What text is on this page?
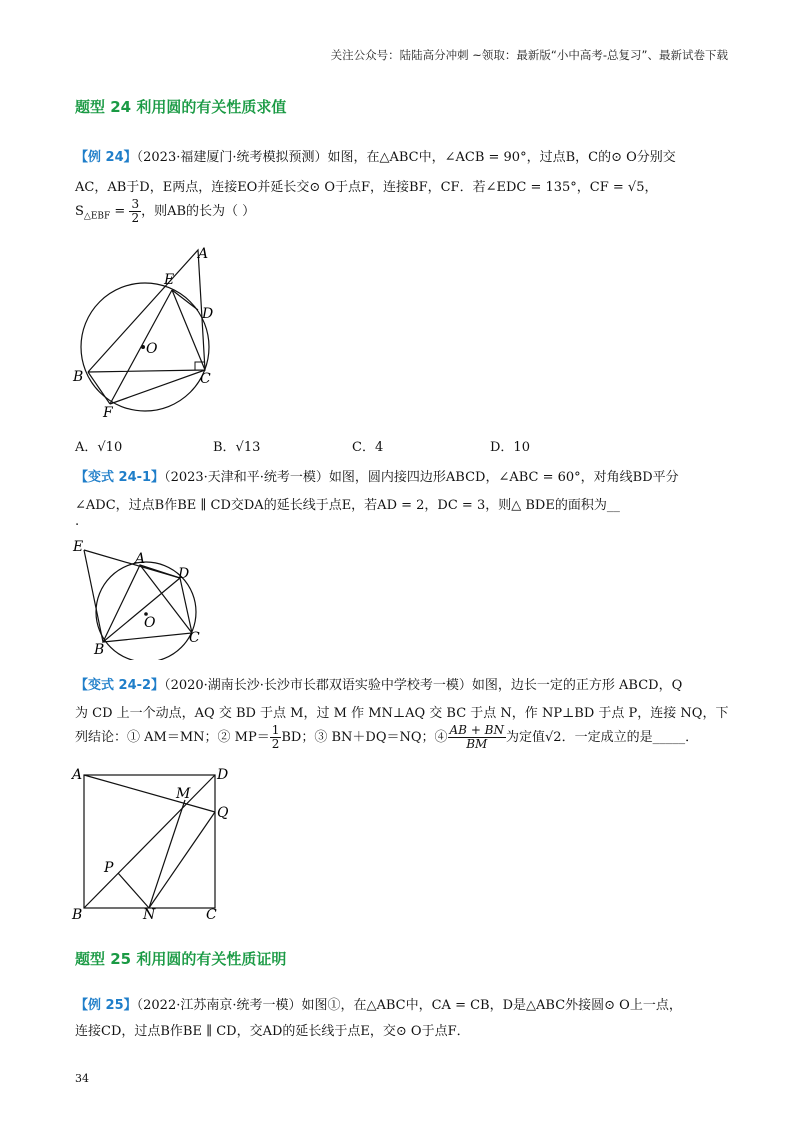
关注公众号：陆陆高分冲刺 ~领取：最新版“小中高考-总复习”、最新试卷下载
题型 24 利用圆的有关性质求值
【例 24】（2023·福建厦门·统考模拟预测）如图，在△ABC中，∠ACB = 90°，过点B，C的⊙ O分别交
AC，AB于D，E两点，连接EO并延长交⊙ O于点F，连接BF，CF．若∠EDC = 135°，CF = √5，
$S_{\triangle EBF} = \frac{3}{2}$ ，则AB的长为（ ）
A
E
D
O
B	C
F
A．√10	B．√13	C．4	D．10
【变式 24-1】（2023·天津和平·统考一模）如图，圆内接四边形ABCD，∠ABC = 60°，对角线BD平分
∠ADC，过点B作BE ∥ CD交DA的延长线于点E，若AD = 2，DC = 3，则△ BDE的面积为__
.
E
A
D
O
B
C
【变式 24-2】（2020·湖南长沙·长沙市长郡双语实验中学校考一模）如图，边长一定的正方形 ABCD，Q
为 CD 上一个动点，AQ 交 BD 于点 M，过 M 作 MN⊥AQ 交 BC 于点 N，作 NP⊥BD 于点 P，连接 NQ，下
列结论：① AM＝MN；② $MP= \frac{1}{2}$ BD；③ BN＋DQ＝NQ；④ $\frac{AB + BN}{BM}$ 为定值√2．一定成立的是_____．
A	D
M
Q
P
B	N	C
题型 25 利用圆的有关性质证明
【例 25】（2022·江苏南京·统考一模）如图①，在△ABC中，CA = CB，D是△ABC外接圆⊙ O上一点，
连接CD，过点B作BE ∥ CD，交AD的延长线于点E，交⊙ O于点F．
34
